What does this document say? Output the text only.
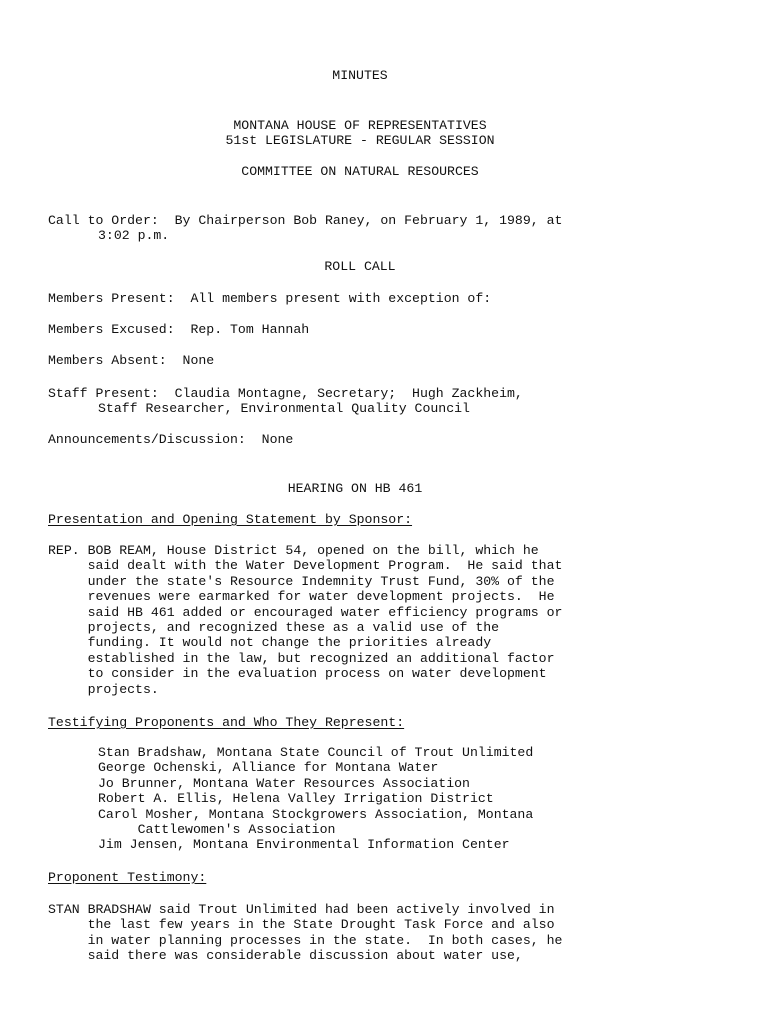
MINUTES
MONTANA HOUSE OF REPRESENTATIVES
51st LEGISLATURE - REGULAR SESSION
COMMITTEE ON NATURAL RESOURCES
Call to Order:  By Chairperson Bob Raney, on February 1, 1989, at
3:02 p.m.
ROLL CALL
Members Present:  All members present with exception of:
Members Excused:  Rep. Tom Hannah
Members Absent:  None
Staff Present:  Claudia Montagne, Secretary;  Hugh Zackheim,
Staff Researcher, Environmental Quality Council
Announcements/Discussion:  None
HEARING ON HB 461
Presentation and Opening Statement by Sponsor:
REP. BOB REAM, House District 54, opened on the bill, which he
said dealt with the Water Development Program.  He said that
under the state's Resource Indemnity Trust Fund, 30% of the
revenues were earmarked for water development projects.  He
said HB 461 added or encouraged water efficiency programs or
projects, and recognized these as a valid use of the
funding. It would not change the priorities already
established in the law, but recognized an additional factor
to consider in the evaluation process on water development
projects.
Testifying Proponents and Who They Represent:
Stan Bradshaw, Montana State Council of Trout Unlimited
George Ochenski, Alliance for Montana Water
Jo Brunner, Montana Water Resources Association
Robert A. Ellis, Helena Valley Irrigation District
Carol Mosher, Montana Stockgrowers Association, Montana
Cattlewomen's Association
Jim Jensen, Montana Environmental Information Center
Proponent Testimony:
STAN BRADSHAW said Trout Unlimited had been actively involved in
the last few years in the State Drought Task Force and also
in water planning processes in the state.  In both cases, he
said there was considerable discussion about water use,
